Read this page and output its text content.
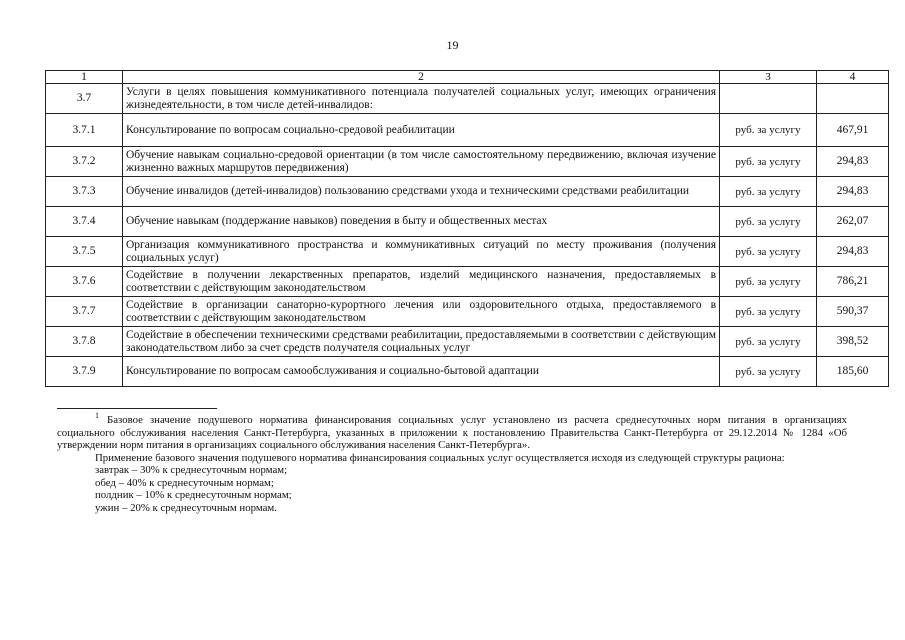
19
1	2	3	4
3.7	Услуги в целях повышения коммуникативного потенциала получателей социальных услуг, имеющих ограничения жизнедеятельности, в том числе детей-инвалидов:		
3.7.1	Консультирование по вопросам социально-средовой реабилитации	руб. за услугу	467,91
3.7.2	Обучение навыкам социально-средовой ориентации (в том числе самостоятельному передвижению, включая изучение жизненно важных маршрутов передвижения)	руб. за услугу	294,83
3.7.3	Обучение инвалидов (детей-инвалидов) пользованию средствами ухода и техническими средствами реабилитации	руб. за услугу	294,83
3.7.4	Обучение навыкам (поддержание навыков) поведения в быту и общественных местах	руб. за услугу	262,07
3.7.5	Организация коммуникативного пространства и коммуникативных ситуаций по месту проживания (получения социальных услуг)	руб. за услугу	294,83
3.7.6	Содействие в получении лекарственных препаратов, изделий медицинского назначения, предоставляемых в соответствии с действующим законодательством	руб. за услугу	786,21
3.7.7	Содействие в организации санаторно-курортного лечения или оздоровительного отдыха, предоставляемого в соответствии с действующим законодательством	руб. за услугу	590,37
3.7.8	Содействие в обеспечении техническими средствами реабилитации, предоставляемыми в соответствии с действующим законодательством либо за счет средств получателя социальных услуг	руб. за услугу	398,52
3.7.9	Консультирование по вопросам самообслуживания и социально-бытовой адаптации	руб. за услугу	185,60

$^1$ Базовое значение подушевого норматива финансирования социальных услуг установлено из расчета среднесуточных норм питания в организациях социального обслуживания населения Санкт-Петербурга, указанных в приложении к постановлению Правительства Санкт-Петербурга от 29.12.2014 № 1284 «Об утверждении норм питания в организациях социального обслуживания населения Санкт-Петербурга».

Применение базового значения подушевого норматива финансирования социальных услуг осуществляется исходя из следующей структуры рациона:

завтрак – 30% к среднесуточным нормам;
обед – 40% к среднесуточным нормам;
полдник – 10% к среднесуточным нормам;
ужин – 20% к среднесуточным нормам.
